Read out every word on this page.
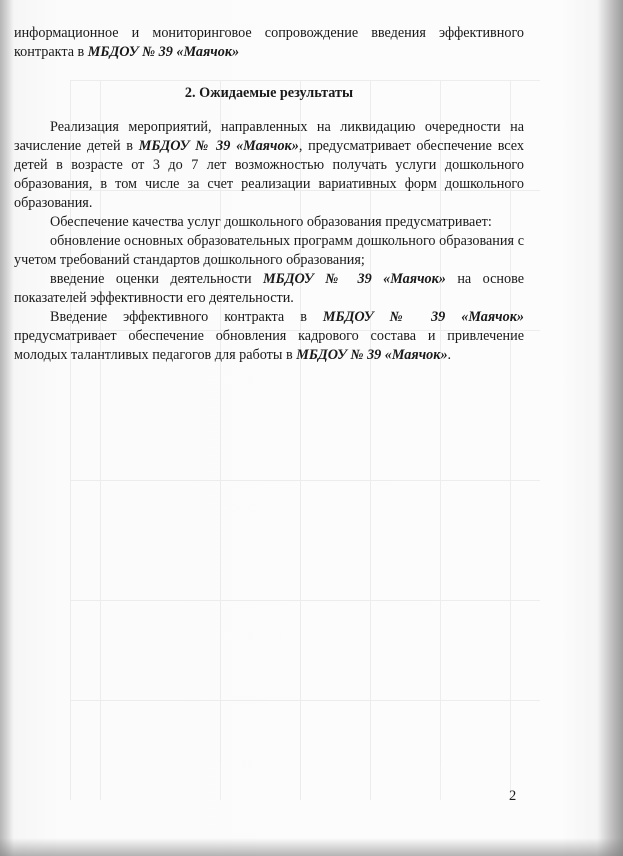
информационное и мониторинговое сопровождение введения эффективного контракта в МБДОУ № 39 «Маячок»

2. Ожидаемые результаты

Реализация мероприятий, направленных на ликвидацию очередности на зачисление детей в МБДОУ № 39 «Маячок», предусматривает обеспечение всех детей в возрасте от 3 до 7 лет возможностью получать услуги дошкольного образования, в том числе за счет реализации вариативных форм дошкольного образования.

Обеспечение качества услуг дошкольного образования предусматривает:

обновление основных образовательных программ дошкольного образования с учетом требований стандартов дошкольного образования;

введение оценки деятельности МБДОУ № 39 «Маячок» на основе показателей эффективности его деятельности.

Введение эффективного контракта в МБДОУ № 39 «Маячок» предусматривает обеспечение обновления кадрового состава и привлечение молодых талантливых педагогов для работы в МБДОУ № 39 «Маячок».

2
